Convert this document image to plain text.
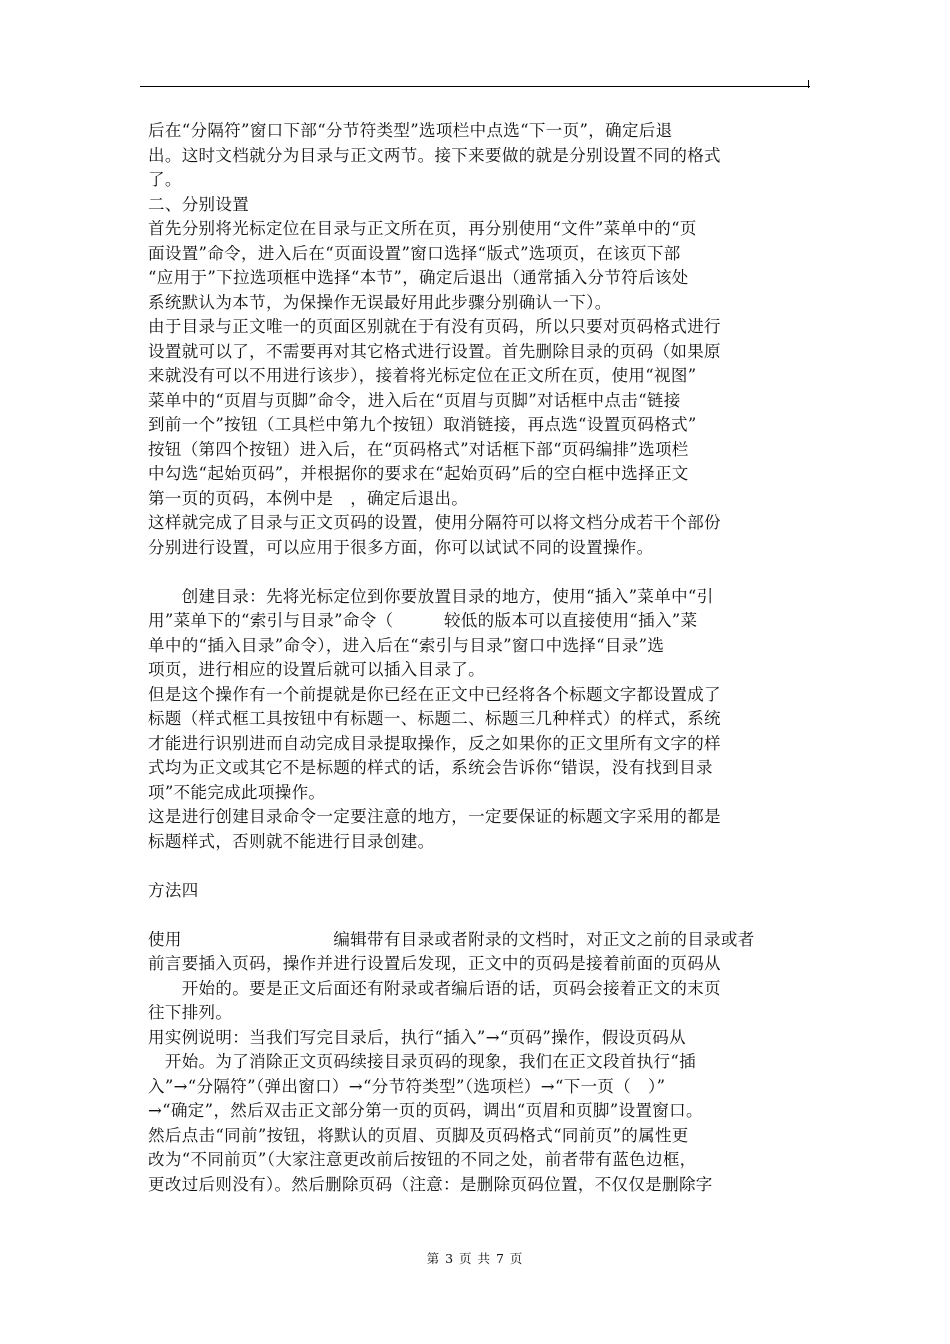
后在“分隔符”窗口下部“分节符类型”选项栏中点选“下一页”，确定后退
出。这时文档就分为目录与正文两节。接下来要做的就是分别设置不同的格式
了。
二、分别设置
首先分别将光标定位在目录与正文所在页，再分别使用“文件”菜单中的“页
面设置”命令，进入后在“页面设置”窗口选择“版式”选项页，在该页下部
“应用于”下拉选项框中选择“本节”，确定后退出（通常插入分节符后该处
系统默认为本节，为保操作无误最好用此步骤分别确认一下）。
由于目录与正文唯一的页面区别就在于有没有页码，所以只要对页码格式进行
设置就可以了，不需要再对其它格式进行设置。首先删除目录的页码（如果原
来就没有可以不用进行该步），接着将光标定位在正文所在页，使用“视图”
菜单中的“页眉与页脚”命令，进入后在“页眉与页脚”对话框中点击“链接
到前一个”按钮（工具栏中第九个按钮）取消链接，再点选“设置页码格式”
按钮（第四个按钮）进入后，在“页码格式”对话框下部“页码编排”选项栏
中勾选“起始页码”，并根据你的要求在“起始页码”后的空白框中选择正文
第一页的页码，本例中是　，确定后退出。
这样就完成了目录与正文页码的设置，使用分隔符可以将文档分成若干个部份
分别进行设置，可以应用于很多方面，你可以试试不同的设置操作。
　　创建目录：先将光标定位到你要放置目录的地方，使用“插入”菜单中“引
用”菜单下的“索引与目录”命令（　　　较低的版本可以直接使用“插入”菜
单中的“插入目录”命令），进入后在“索引与目录”窗口中选择“目录”选
项页，进行相应的设置后就可以插入目录了。
但是这个操作有一个前提就是你已经在正文中已经将各个标题文字都设置成了
标题（样式框工具按钮中有标题一、标题二、标题三几种样式）的样式，系统
才能进行识别进而自动完成目录提取操作，反之如果你的正文里所有文字的样
式均为正文或其它不是标题的样式的话，系统会告诉你“错误，没有找到目录
项”不能完成此项操作。
这是进行创建目录命令一定要注意的地方，一定要保证的标题文字采用的都是
标题样式，否则就不能进行目录创建。
方法四
使用　　　　　　　　　编辑带有目录或者附录的文档时，对正文之前的目录或者
前言要插入页码，操作并进行设置后发现，正文中的页码是接着前面的页码从
　　开始的。要是正文后面还有附录或者编后语的话，页码会接着正文的末页
往下排列。
用实例说明：当我们写完目录后，执行“插入”→“页码”操作，假设页码从
　开始。为了消除正文页码续接目录页码的现象，我们在正文段首执行“插
入”→“分隔符”（弹出窗口）→“分节符类型”（选项栏）→“下一页（　）”
→“确定”，然后双击正文部分第一页的页码，调出“页眉和页脚”设置窗口。
然后点击“同前”按钮，将默认的页眉、页脚及页码格式“同前页”的属性更
改为“不同前页”（大家注意更改前后按钮的不同之处，前者带有蓝色边框，
更改过后则没有）。然后删除页码（注意：是删除页码位置，不仅仅是删除字
第 3 页 共 7 页
